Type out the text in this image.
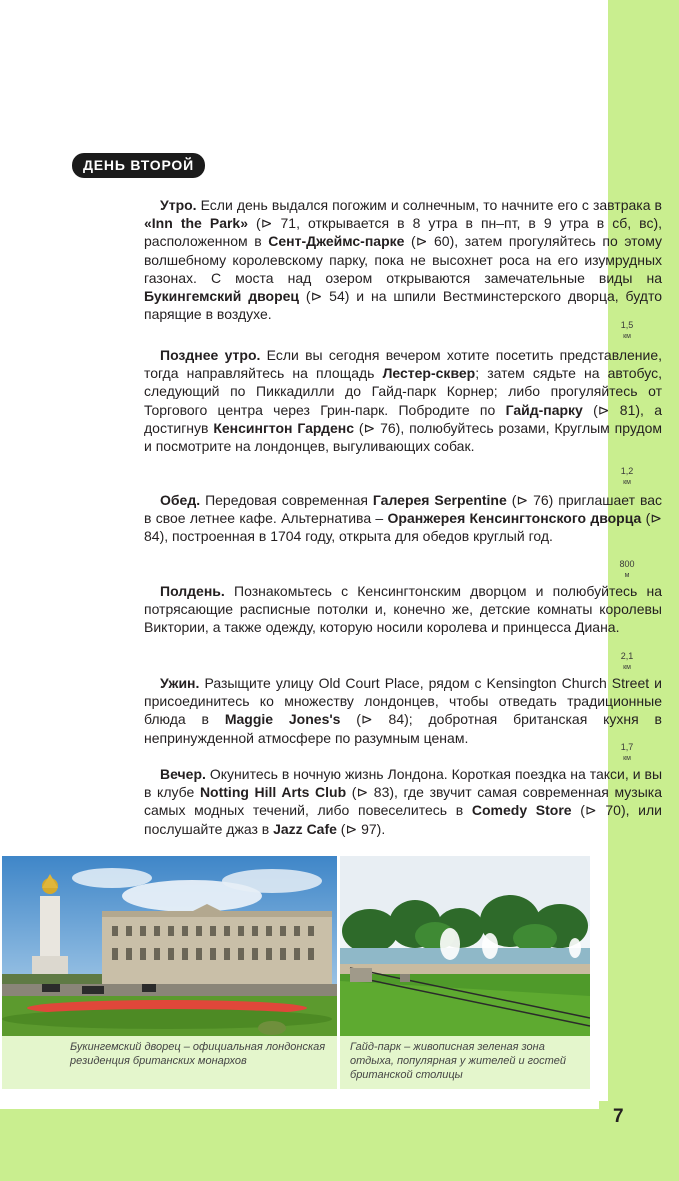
7
1,5
км
1,2
км
800
м
2,1
км
1,7
км
ДЕНЬ ВТОРОЙ

Утро. Если день выдался погожим и солнечным, то начните его с завтрака в «Inn the Park» (⊳ 71, открывается в 8 утра в пн–пт, в 9 утра в сб, вс), расположенном в Сент-Джеймс-парке (⊳ 60), затем прогуляйтесь по этому волшебному королевскому парку, пока не высохнет роса на его изумрудных газонах. С моста над озером открываются замечательные виды на Букингемский дворец (⊳ 54) и на шпили Вестминстерского дворца, будто парящие в воздухе.

Позднее утро. Если вы сегодня вечером хотите посетить представление, тогда направляйтесь на площадь Лестер-сквер; затем сядьте на автобус, следующий по Пиккадилли до Гайд-парк Корнер; либо прогуляйтесь от Торгового центра через Грин-парк. Побродите по Гайд-парку (⊳ 81), а достигнув Кенсингтон Гарденс (⊳ 76), полюбуйтесь розами, Круглым прудом и посмотрите на лондонцев, выгуливающих собак.

Обед. Передовая современная Галерея Serpentine (⊳ 76) приглашает вас в свое летнее кафе. Альтернатива – Оранжерея Кенсингтонского дворца (⊳ 84), построенная в 1704 году, открыта для обедов круглый год.

Полдень. Познакомьтесь с Кенсингтонским дворцом и полюбуйтесь на потрясающие расписные потолки и, конечно же, детские комнаты королевы Виктории, а также одежду, которую носили королева и принцесса Диана.

Ужин. Разыщите улицу Old Court Place, рядом с Kensington Church Street и присоединитесь ко множеству лондонцев, чтобы отведать традиционные блюда в Maggie Jones's (⊳ 84); добротная британская кухня в непринужденной атмосфере по разумным ценам.

Вечер. Окунитесь в ночную жизнь Лондона. Короткая поездка на такси, и вы в клубе Notting Hill Arts Club (⊳ 83), где звучит самая современная музыка самых модных течений, либо повеселитесь в Comedy Store (⊳ 70), или послушайте джаз в Jazz Cafe (⊳ 97).

Букингемский дворец – официальная лондонская резиденция британских монархов
Гайд-парк – живописная зеленая зона отдыха, популярная у жителей и гостей британской столицы
